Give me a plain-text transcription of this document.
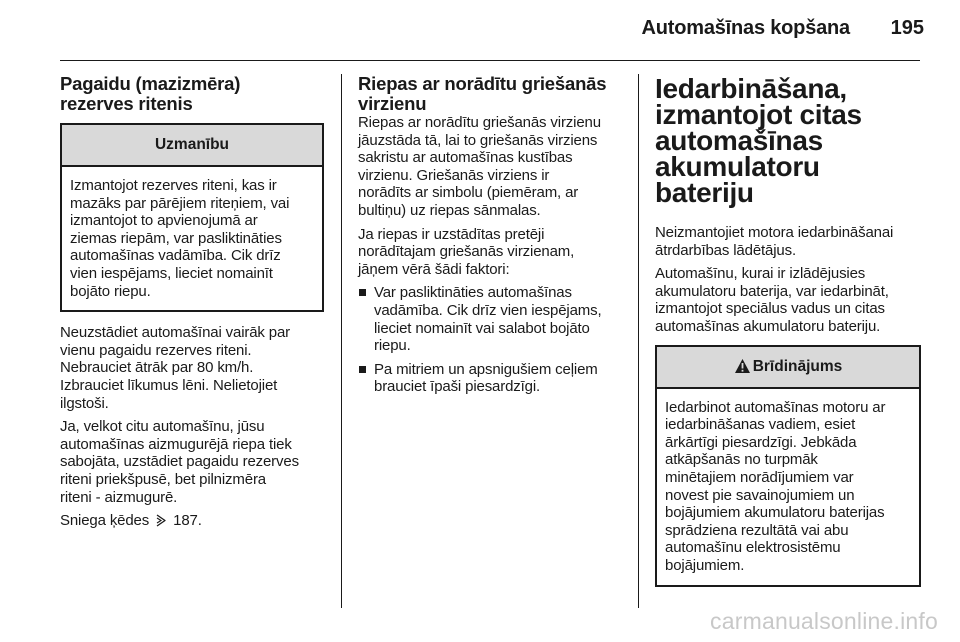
Automašīnas kopšana	195
Pagaidu (mazizmēra) rezerves ritenis
Uzmanību

Izmantojot rezerves riteni, kas ir
mazāks par pārējiem riteņiem, vai
izmantojot to apvienojumā ar
ziemas riepām, var pasliktināties
automašīnas vadāmība. Cik drīz
vien iespējams, lieciet nomainīt
bojāto riepu.

Neuzstādiet automašīnai vairāk par
vienu pagaidu rezerves riteni.
Nebrauciet ātrāk par 80 km/h.
Izbrauciet līkumus lēni. Nelietojiet
ilgstoši.

Ja, velkot citu automašīnu, jūsu
automašīnas aizmugurējā riepa tiek
sabojāta, uzstādiet pagaidu rezerves
riteni priekšpusē, bet pilnizmēra
riteni - aizmugurē.

Sniega ķēdes 187.

Riepas ar norādītu griešanās virzienu

Riepas ar norādītu griešanās virzienu
jāuzstāda tā, lai to griešanās virziens
sakristu ar automašīnas kustības
virzienu. Griešanās virziens ir
norādīts ar simbolu (piemēram, ar
bultiņu) uz riepas sānmalas.

Ja riepas ir uzstādītas pretēji
norādītajam griešanās virzienam,
jāņem vērā šādi faktori:

Var pasliktināties automašīnas
vadāmība. Cik drīz vien iespējams,
lieciet nomainīt vai salabot bojāto
riepu.

Pa mitriem un apsnigušiem ceļiem
brauciet īpaši piesardzīgi.

Iedarbināšana,
izmantojot citas
automašīnas
akumulatoru bateriju

Neizmantojiet motora iedarbināšanai
ātrdarbības lādētājus.

Automašīnu, kurai ir izlādējusies
akumulatoru baterija, var iedarbināt,
izmantojot speciālus vadus un citas
automašīnas akumulatoru bateriju.

Brīdinājums

Iedarbinot automašīnas motoru ar
iedarbināšanas vadiem, esiet
ārkārtīgi piesardzīgi. Jebkāda
atkāpšanās no turpmāk
minētajiem norādījumiem var
novest pie savainojumiem un
bojājumiem akumulatoru baterijas
sprādziena rezultātā vai abu
automašīnu elektrosistēmu
bojājumiem.

carmanualsonline.info
